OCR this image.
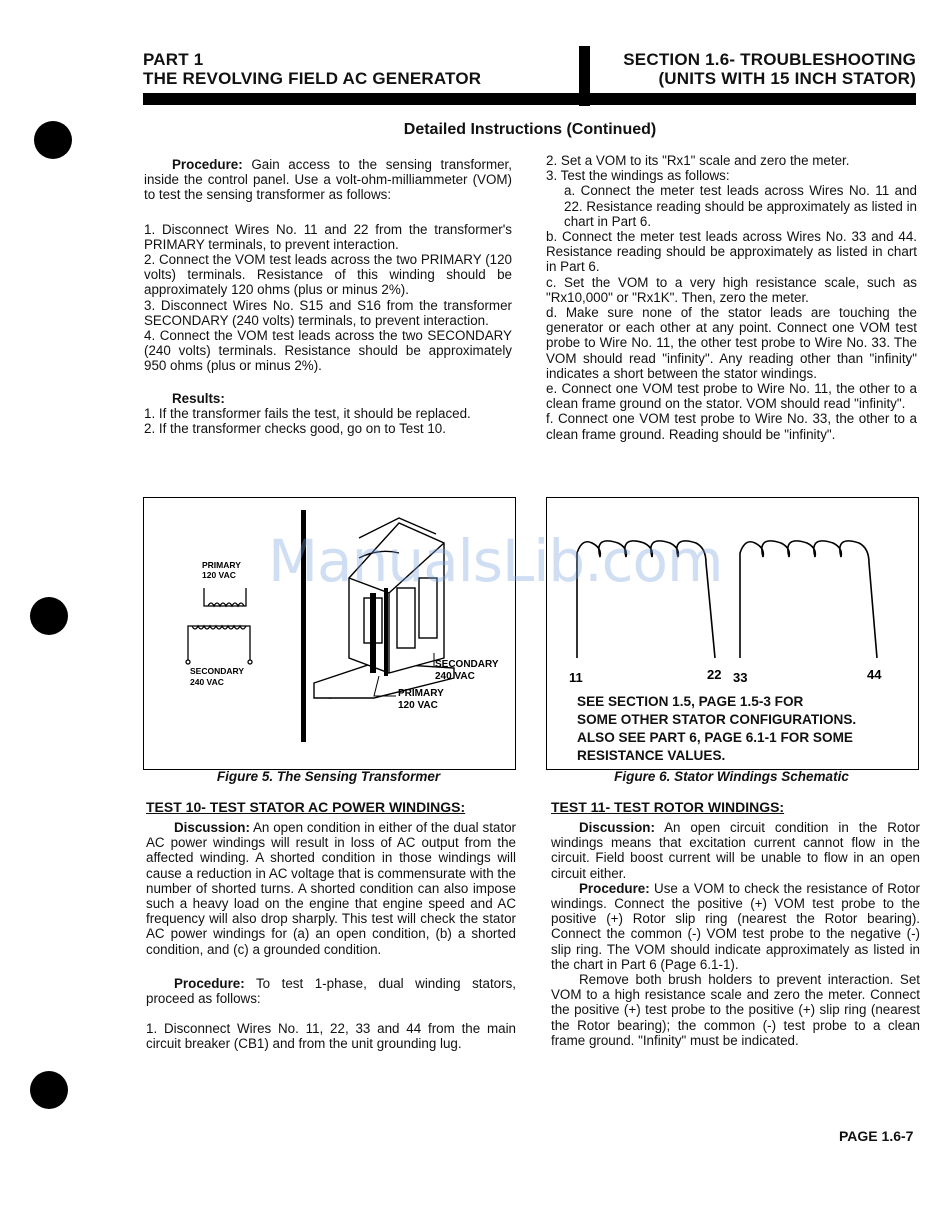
PART 1
THE REVOLVING FIELD AC GENERATOR
SECTION 1.6- TROUBLESHOOTING
(UNITS WITH 15 INCH STATOR)
Detailed Instructions (Continued)

Procedure: Gain access to the sensing transformer, inside the control panel. Use a volt-ohm-milliammeter (VOM) to test the sensing transformer as follows:

1. Disconnect Wires No. 11 and 22 from the transformer's PRIMARY terminals, to prevent interaction.

2. Connect the VOM test leads across the two PRIMARY (120 volts) terminals. Resistance of this winding should be approximately 120 ohms (plus or minus 2%).

3. Disconnect Wires No. S15 and S16 from the transformer SECONDARY (240 volts) terminals, to prevent interaction.

4. Connect the VOM test leads across the two SECONDARY (240 volts) terminals. Resistance should be approximately 950 ohms (plus or minus 2%).

Results:

1. If the transformer fails the test, it should be replaced.

2. If the transformer checks good, go on to Test 10.

2. Set a VOM to its "Rx1" scale and zero the meter.

3. Test the windings as follows:

a. Connect the meter test leads across Wires No. 11 and 22. Resistance reading should be approximately as listed in chart in Part 6.

b. Connect the meter test leads across Wires No. 33 and 44. Resistance reading should be approximately as listed in chart in Part 6.

c. Set the VOM to a very high resistance scale, such as "Rx10,000" or "Rx1K". Then, zero the meter.

d. Make sure none of the stator leads are touching the generator or each other at any point. Connect one VOM test probe to Wire No. 11, the other test probe to Wire No. 33. The VOM should read "infinity". Any reading other than "infinity" indicates a short between the stator windings.

e. Connect one VOM test probe to Wire No. 11, the other to a clean frame ground on the stator. VOM should read "infinity".

f. Connect one VOM test probe to Wire No. 33, the other to a clean frame ground. Reading should be "infinity".

PRIMARY
120 VAC
SECONDARY
240 VAC
SECONDARY
240 VAC
PRIMARY
120 VAC
Figure 5. The Sensing Transformer
11	22 33	44
SEE SECTION 1.5, PAGE 1.5-3 FOR
SOME OTHER STATOR CONFIGURATIONS.
ALSO SEE PART 6, PAGE 6.1-1 FOR SOME
RESISTANCE VALUES.
Figure 6. Stator Windings Schematic
ManualsLib.com
TEST 10- TEST STATOR AC POWER WINDINGS:

Discussion: An open condition in either of the dual stator AC power windings will result in loss of AC output from the affected winding. A shorted condition in those windings will cause a reduction in AC voltage that is commensurate with the number of shorted turns. A shorted condition can also impose such a heavy load on the engine that engine speed and AC frequency will also drop sharply. This test will check the stator AC power windings for (a) an open condition, (b) a shorted condition, and (c) a grounded condition.

Procedure: To test 1-phase, dual winding stators, proceed as follows:

1. Disconnect Wires No. 11, 22, 33 and 44 from the main circuit breaker (CB1) and from the unit grounding lug.

TEST 11- TEST ROTOR WINDINGS:

Discussion: An open circuit condition in the Rotor windings means that excitation current cannot flow in the circuit. Field boost current will be unable to flow in an open circuit either.

Procedure: Use a VOM to check the resistance of Rotor windings. Connect the positive (+) VOM test probe to the positive (+) Rotor slip ring (nearest the Rotor bearing). Connect the common (-) VOM test probe to the negative (-) slip ring. The VOM should indicate approximately as listed in the chart in Part 6 (Page 6.1-1).

Remove both brush holders to prevent interaction. Set VOM to a high resistance scale and zero the meter. Connect the positive (+) test probe to the positive (+) slip ring (nearest the Rotor bearing); the common (-) test probe to a clean frame ground. "Infinity" must be indicated.

PAGE 1.6-7
